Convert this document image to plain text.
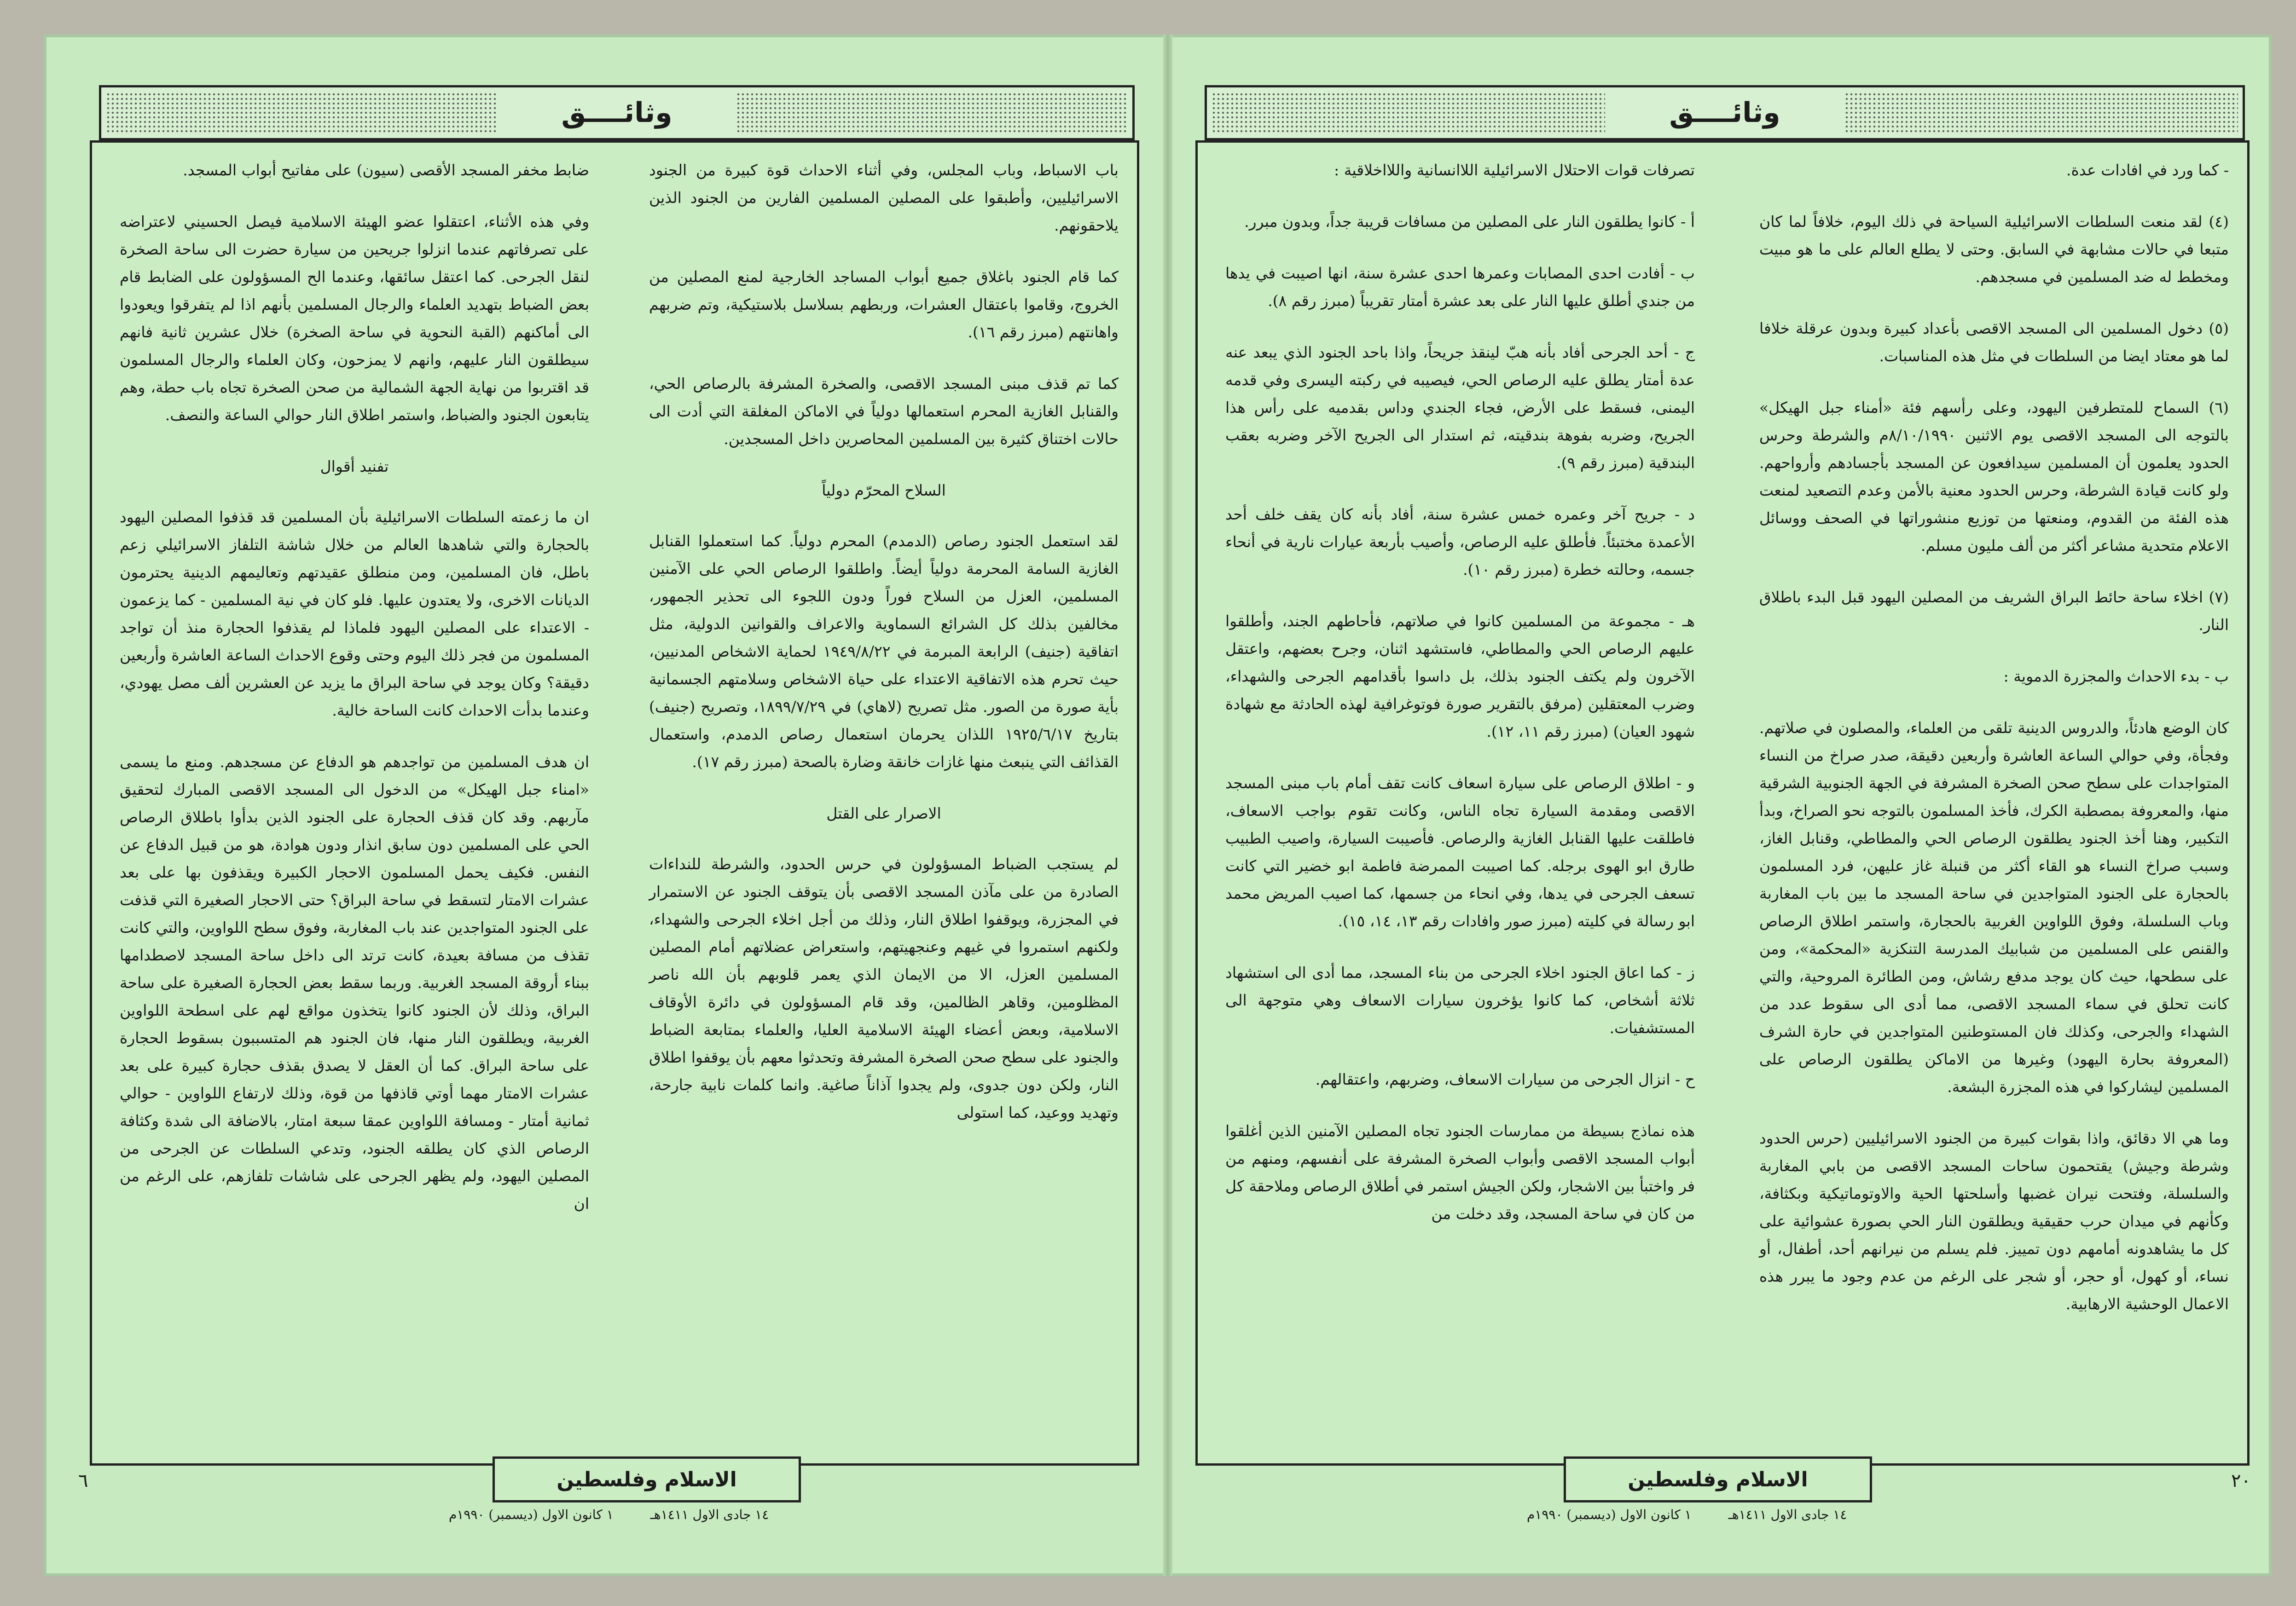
وثائــــق

باب الاسباط، وباب المجلس، وفي أثناء الاحداث قوة كبيرة من الجنود الاسرائيليين، وأطبقوا على المصلين المسلمين الفارين من الجنود الذين يلاحقونهم.

كما قام الجنود باغلاق جميع أبواب المساجد الخارجية لمنع المصلين من الخروج، وقاموا باعتقال العشرات، وربطهم بسلاسل بلاستيكية، وتم ضربهم واهانتهم (مبرز رقم ١٦).

كما تم قذف مبنى المسجد الاقصى، والصخرة المشرفة بالرصاص الحي، والقنابل الغازية المحرم استعمالها دولياً في الاماكن المغلقة التي أدت الى حالات اختناق كثيرة بين المسلمين المحاصرين داخل المسجدين.

السلاح المحرّم دولياً

لقد استعمل الجنود رصاص (الدمدم) المحرم دولياً. كما استعملوا القنابل الغازية السامة المحرمة دولياً أيضاً. واطلقوا الرصاص الحي على الآمنين المسلمين، العزل من السلاح فوراً ودون اللجوء الى تحذير الجمهور، مخالفين بذلك كل الشرائع السماوية والاعراف والقوانين الدولية، مثل اتفاقية (جنيف) الرابعة المبرمة في ١٩٤٩/٨/٢٢ لحماية الاشخاص المدنيين، حيث تحرم هذه الاتفاقية الاعتداء على حياة الاشخاص وسلامتهم الجسمانية بأية صورة من الصور. مثل تصريح (لاهاي) في ١٨٩٩/٧/٢٩، وتصريح (جنيف) بتاريخ ١٩٢٥/٦/١٧ اللذان يحرمان استعمال رصاص الدمدم، واستعمال القذائف التي ينبعث منها غازات خانقة وضارة بالصحة (مبرز رقم ١٧).

الاصرار على القتل

لم يستجب الضباط المسؤولون في حرس الحدود، والشرطة للنداءات الصادرة من على مآذن المسجد الاقصى بأن يتوقف الجنود عن الاستمرار في المجزرة، ويوقفوا اطلاق النار، وذلك من أجل اخلاء الجرحى والشهداء، ولكنهم استمروا في غيهم وعنجهيتهم، واستعراض عضلاتهم أمام المصلين المسلمين العزل، الا من الايمان الذي يعمر قلوبهم بأن الله ناصر المظلومين، وقاهر الظالمين، وقد قام المسؤولون في دائرة الأوقاف الاسلامية، وبعض أعضاء الهيئة الاسلامية العليا، والعلماء بمتابعة الضباط والجنود على سطح صحن الصخرة المشرفة وتحدثوا معهم بأن يوقفوا اطلاق النار، ولكن دون جدوى، ولم يجدوا آذاناً صاغية. وانما كلمات نابية جارحة، وتهديد ووعيد، كما استولى

ضابط مخفر المسجد الأقصى (سيون) على مفاتيح أبواب المسجد.

وفي هذه الأثناء، اعتقلوا عضو الهيئة الاسلامية فيصل الحسيني لاعتراضه على تصرفاتهم عندما انزلوا جريحين من سيارة حضرت الى ساحة الصخرة لنقل الجرحى. كما اعتقل سائقها، وعندما الح المسؤولون على الضابط قام بعض الضباط بتهديد العلماء والرجال المسلمين بأنهم اذا لم يتفرقوا ويعودوا الى أماكنهم (القبة النحوية في ساحة الصخرة) خلال عشرين ثانية فانهم سيطلقون النار عليهم، وانهم لا يمزحون، وكان العلماء والرجال المسلمون قد اقتربوا من نهاية الجهة الشمالية من صحن الصخرة تجاه باب حطة، وهم يتابعون الجنود والضباط، واستمر اطلاق النار حوالي الساعة والنصف.

تفنيد أقوال

ان ما زعمته السلطات الاسرائيلية بأن المسلمين قد قذفوا المصلين اليهود بالحجارة والتي شاهدها العالم من خلال شاشة التلفاز الاسرائيلي زعم باطل، فان المسلمين، ومن منطلق عقيدتهم وتعاليمهم الدينية يحترمون الديانات الاخرى، ولا يعتدون عليها. فلو كان في نية المسلمين - كما يزعمون - الاعتداء على المصلين اليهود فلماذا لم يقذفوا الحجارة منذ أن تواجد المسلمون من فجر ذلك اليوم وحتى وقوع الاحداث الساعة العاشرة وأربعين دقيقة؟ وكان يوجد في ساحة البراق ما يزيد عن العشرين ألف مصل يهودي، وعندما بدأت الاحداث كانت الساحة خالية.

ان هدف المسلمين من تواجدهم هو الدفاع عن مسجدهم. ومنع ما يسمى «امناء جبل الهيكل» من الدخول الى المسجد الاقصى المبارك لتحقيق مآربهم. وقد كان قذف الحجارة على الجنود الذين بدأوا باطلاق الرصاص الحي على المسلمين دون سابق انذار ودون هوادة، هو من قبيل الدفاع عن النفس. فكيف يحمل المسلمون الاحجار الكبيرة ويقذفون بها على بعد عشرات الامتار لتسقط في ساحة البراق؟ حتى الاحجار الصغيرة التي قذفت على الجنود المتواجدين عند باب المغاربة، وفوق سطح اللواوين، والتي كانت تقذف من مسافة بعيدة، كانت ترتد الى داخل ساحة المسجد لاصطدامها ببناء أروقة المسجد الغربية. وربما سقط بعض الحجارة الصغيرة على ساحة البراق، وذلك لأن الجنود كانوا يتخذون مواقع لهم على اسطحة اللواوين الغربية، ويطلقون النار منها، فان الجنود هم المتسببون بسقوط الحجارة على ساحة البراق. كما أن العقل لا يصدق بقذف حجارة كبيرة على بعد عشرات الامتار مهما أوتي قاذفها من قوة، وذلك لارتفاع اللواوين - حوالي ثمانية أمتار - ومسافة اللواوين عمقا سبعة امتار، بالاضافة الى شدة وكثافة الرصاص الذي كان يطلقه الجنود، وتدعي السلطات عن الجرحى من المصلين اليهود، ولم يظهر الجرحى على شاشات تلفازهم، على الرغم من ان

٦	الاسلام وفلسطين
١٤ جادى الاول ١٤١١هـ
١ كانون الاول (ديسمبر) ١٩٩٠م
وثائــــق

- كما ورد في افادات عدة.

(٤) لقد منعت السلطات الاسرائيلية السياحة في ذلك اليوم، خلافاً لما كان متبعا في حالات مشابهة في السابق. وحتى لا يطلع العالم على ما هو مبيت ومخطط له ضد المسلمين في مسجدهم.

(٥) دخول المسلمين الى المسجد الاقصى بأعداد كبيرة وبدون عرقلة خلافا لما هو معتاد ايضا من السلطات في مثل هذه المناسبات.

(٦) السماح للمتطرفين اليهود، وعلى رأسهم فئة «أمناء جبل الهيكل» بالتوجه الى المسجد الاقصى يوم الاثنين ٨/١٠/١٩٩٠م والشرطة وحرس الحدود يعلمون أن المسلمين سيدافعون عن المسجد بأجسادهم وأرواحهم. ولو كانت قيادة الشرطة، وحرس الحدود معنية بالأمن وعدم التصعيد لمنعت هذه الفئة من القدوم، ومنعتها من توزيع منشوراتها في الصحف ووسائل الاعلام متحدية مشاعر أكثر من ألف مليون مسلم.

(٧) اخلاء ساحة حائط البراق الشريف من المصلين اليهود قبل البدء باطلاق النار.

ب - بدء الاحداث والمجزرة الدموية :

كان الوضع هادئاً، والدروس الدينية تلقى من العلماء، والمصلون في صلاتهم. وفجأة، وفي حوالي الساعة العاشرة وأربعين دقيقة، صدر صراخ من النساء المتواجدات على سطح صحن الصخرة المشرفة في الجهة الجنوبية الشرقية منها، والمعروفة بمصطبة الكرك، فأخذ المسلمون بالتوجه نحو الصراخ، وبدأ التكبير، وهنا أخذ الجنود يطلقون الرصاص الحي والمطاطي، وقنابل الغاز، وسبب صراخ النساء هو القاء أكثر من قنبلة غاز عليهن، فرد المسلمون بالحجارة على الجنود المتواجدين في ساحة المسجد ما بين باب المغاربة وباب السلسلة، وفوق اللواوين الغربية بالحجارة، واستمر اطلاق الرصاص والقنص على المسلمين من شبابيك المدرسة التنكزية «المحكمة»، ومن على سطحها، حيث كان يوجد مدفع رشاش، ومن الطائرة المروحية، والتي كانت تحلق في سماء المسجد الاقصى، مما أدى الى سقوط عدد من الشهداء والجرحى، وكذلك فان المستوطنين المتواجدين في حارة الشرف (المعروفة بحارة اليهود) وغيرها من الاماكن يطلقون الرصاص على المسلمين ليشاركوا في هذه المجزرة البشعة.

وما هي الا دقائق، واذا بقوات كبيرة من الجنود الاسرائيليين (حرس الحدود وشرطة وجيش) يقتحمون ساحات المسجد الاقصى من بابي المغاربة والسلسلة، وفتحت نيران غضبها وأسلحتها الحية والاوتوماتيكية وبكثافة، وكأنهم في ميدان حرب حقيقية ويطلقون النار الحي بصورة عشوائية على كل ما يشاهدونه أمامهم دون تمييز. فلم يسلم من نيرانهم أحد، أطفال، أو نساء، أو كهول، أو حجر، أو شجر على الرغم من عدم وجود ما يبرر هذه الاعمال الوحشية الارهابية.

تصرفات قوات الاحتلال الاسرائيلية اللاانسانية واللااخلاقية :

أ - كانوا يطلقون النار على المصلين من مسافات قريبة جداً، وبدون مبرر.

ب - أفادت احدى المصابات وعمرها احدى عشرة سنة، انها اصيبت في يدها من جندي أطلق عليها النار على بعد عشرة أمتار تقريباً (مبرز رقم ٨).

ج - أحد الجرحى أفاد بأنه هبّ لينقذ جريحاً، واذا باحد الجنود الذي يبعد عنه عدة أمتار يطلق عليه الرصاص الحي، فيصيبه في ركبته اليسرى وفي قدمه اليمنى، فسقط على الأرض، فجاء الجندي وداس بقدميه على رأس هذا الجريح، وضربه بفوهة بندقيته، ثم استدار الى الجريح الآخر وضربه بعقب البندقية (مبرز رقم ٩).

د - جريح آخر وعمره خمس عشرة سنة، أفاد بأنه كان يقف خلف أحد الأعمدة مختبئاً. فأطلق عليه الرصاص، وأصيب بأربعة عيارات نارية في أنحاء جسمه، وحالته خطرة (مبرز رقم ١٠).

هـ - مجموعة من المسلمين كانوا في صلاتهم، فأحاطهم الجند، وأطلقوا عليهم الرصاص الحي والمطاطي، فاستشهد اثنان، وجرح بعضهم، واعتقل الآخرون ولم يكتف الجنود بذلك، بل داسوا بأقدامهم الجرحى والشهداء، وضرب المعتقلين (مرفق بالتقرير صورة فوتوغرافية لهذه الحادثة مع شهادة شهود العيان) (مبرز رقم ١١، ١٢).

و - اطلاق الرصاص على سيارة اسعاف كانت تقف أمام باب مبنى المسجد الاقصى ومقدمة السيارة تجاه الناس، وكانت تقوم بواجب الاسعاف، فاطلقت عليها القنابل الغازية والرصاص. فأصيبت السيارة، واصيب الطبيب طارق ابو الهوى برجله. كما اصيبت الممرضة فاطمة ابو خضير التي كانت تسعف الجرحى في يدها، وفي انحاء من جسمها، كما اصيب المريض محمد ابو رسالة في كليته (مبرز صور وافادات رقم ١٣، ١٤، ١٥).

ز - كما اعاق الجنود اخلاء الجرحى من بناء المسجد، مما أدى الى استشهاد ثلاثة أشخاص، كما كانوا يؤخرون سيارات الاسعاف وهي متوجهة الى المستشفيات.

ح - انزال الجرحى من سيارات الاسعاف، وضربهم، واعتقالهم.

هذه نماذج بسيطة من ممارسات الجنود تجاه المصلين الآمنين الذين أغلقوا أبواب المسجد الاقصى وأبواب الصخرة المشرفة على أنفسهم، ومنهم من فر واختبأ بين الاشجار، ولكن الجيش استمر في أطلاق الرصاص وملاحقة كل من كان في ساحة المسجد، وقد دخلت من

٢٠
الاسلام وفلسطين
١٤ جادى الاول ١٤١١هـ
١ كانون الاول (ديسمبر) ١٩٩٠م
